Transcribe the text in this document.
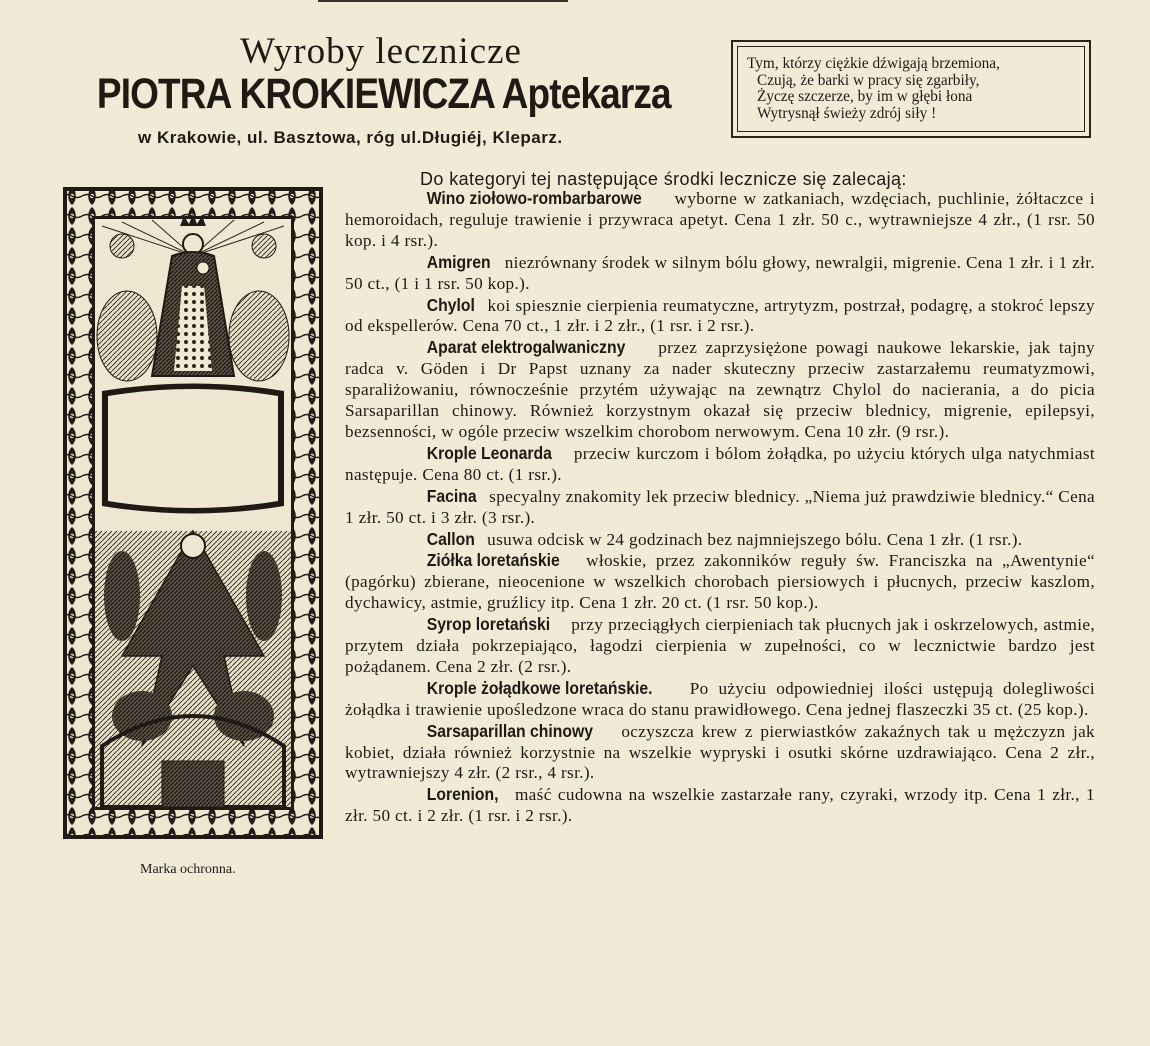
Wyroby lecznicze
PIOTRA KROKIEWICZA Aptekarza
w Krakowie, ul. Basztowa, róg ul.Długiéj, Kleparz.
Tym, którzy ciężkie dźwigają brzemiona,
Czują, że barki w pracy się zgarbiły,
Życzę szczerze, by im w głębi łona
Wytrysnął świeży zdrój siły !
Marka ochronna.
Do kategoryi tej następujące środki lecznicze się zalecają:

Wino ziołowo-rombarbarowe wyborne w zatkaniach, wzdęciach, puchlinie, żółtaczce i hemoroidach, reguluje trawienie i przywraca apetyt. Cena 1 złr. 50 c., wytrawniejsze 4 złr., (1 rsr. 50 kop. i 4 rsr.).

Amigren niezrównany środek w silnym bólu głowy, newralgii, migrenie. Cena 1 złr. i 1 złr. 50 ct., (1 i 1 rsr. 50 kop.).

Chylol koi spiesznie cierpienia reumatyczne, artrytyzm, postrzał, podagrę, a stokroć lepszy od ekspellerów. Cena 70 ct., 1 złr. i 2 złr., (1 rsr. i 2 rsr.).

Aparat elektrogalwaniczny przez zaprzysiężone powagi naukowe lekarskie, jak tajny radca v. Göden i Dr Papst uznany za nader skuteczny przeciw zastarzałemu reumatyzmowi, sparaliżowaniu, równocześnie przytém używając na zewnątrz Chylol do nacierania, a do picia Sarsaparillan chinowy. Również korzystnym okazał się przeciw blednicy, migrenie, epilepsyi, bezsenności, w ogóle przeciw wszelkim chorobom nerwowym. Cena 10 złr. (9 rsr.).

Krople Leonarda przeciw kurczom i bólom żołądka, po użyciu których ulga natychmiast następuje. Cena 80 ct. (1 rsr.).

Facina specyalny znakomity lek przeciw blednicy. „Niema już prawdziwie blednicy.“ Cena 1 złr. 50 ct. i 3 złr. (3 rsr.).

Callon usuwa odcisk w 24 godzinach bez najmniejszego bólu. Cena 1 złr. (1 rsr.).

Ziółka loretańskie włoskie, przez zakonników reguły św. Franciszka na „Awentynie“ (pagórku) zbierane, nieocenione w wszelkich chorobach piersiowych i płucnych, przeciw kaszlom, dychawicy, astmie, gruźlicy itp. Cena 1 złr. 20 ct. (1 rsr. 50 kop.).

Syrop loretański przy przeciągłych cierpieniach tak płucnych jak i oskrzelowych, astmie, przytem działa pokrzepiająco, łagodzi cierpienia w zupełności, co w lecznictwie bardzo jest pożądanem. Cena 2 złr. (2 rsr.).

Krople żołądkowe loretańskie. Po użyciu odpowiedniej ilości ustępują dolegliwości żołądka i trawienie upośledzone wraca do stanu prawidłowego. Cena jednej flaszeczki 35 ct. (25 kop.).

Sarsaparillan chinowy oczyszcza krew z pierwiastków zakaźnych tak u mężczyzn jak kobiet, działa również korzystnie na wszelkie wypryski i osutki skórne uzdrawiająco. Cena 2 złr., wytrawniejszy 4 złr. (2 rsr., 4 rsr.).

Lorenion, maść cudowna na wszelkie zastarzałe rany, czyraki, wrzody itp. Cena 1 złr., 1 złr. 50 ct. i 2 złr. (1 rsr. i 2 rsr.).
